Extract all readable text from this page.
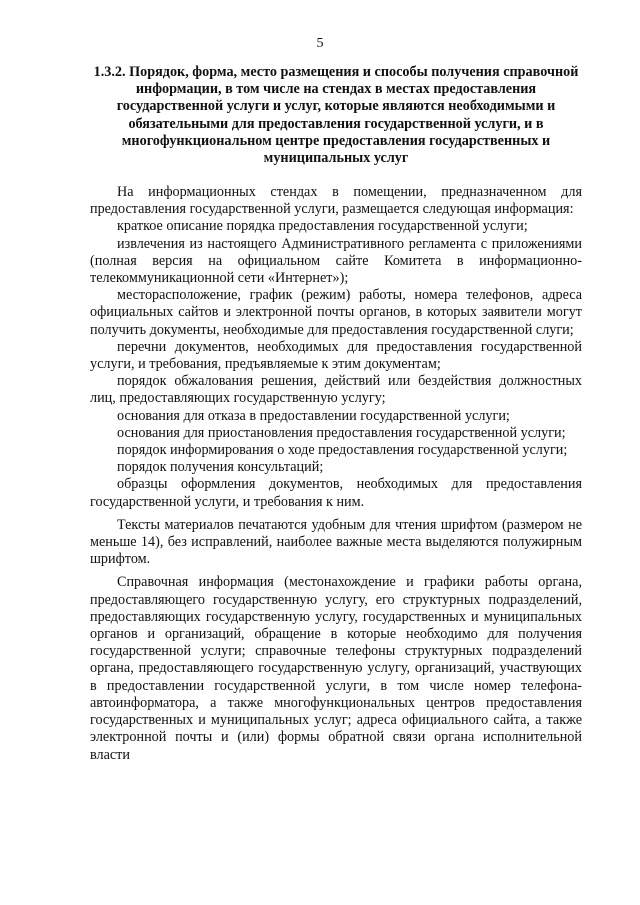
5
1.3.2. Порядок, форма, место размещения и способы получения справочной информации, в том числе на стендах в местах предоставления государственной услуги и услуг, которые являются необходимыми и обязательными для предоставления государственной услуги, и в многофункциональном центре предоставления государственных и муниципальных услуг

На информационных стендах в помещении, предназначенном для предоставления государственной услуги, размещается следующая информация:

краткое описание порядка предоставления государственной услуги;

извлечения из настоящего Административного регламента с приложениями (полная версия на официальном сайте Комитета в информационно-телекоммуникационной сети «Интернет»);

месторасположение, график (режим) работы, номера телефонов, адреса официальных сайтов и электронной почты органов, в которых заявители могут получить документы, необходимые для предоставления государственной слуги;

перечни документов, необходимых для предоставления государственной услуги, и требования, предъявляемые к этим документам;

порядок обжалования решения, действий или бездействия должностных лиц, предоставляющих государственную услугу;

основания для отказа в предоставлении государственной услуги;

основания для приостановления предоставления государственной услуги;

порядок информирования о ходе предоставления государственной услуги;

порядок получения консультаций;

образцы оформления документов, необходимых для предоставления государственной услуги, и требования к ним.

Тексты материалов печатаются удобным для чтения шрифтом (размером не меньше 14), без исправлений, наиболее важные места выделяются полужирным шрифтом.

Справочная информация (местонахождение и графики работы органа, предоставляющего государственную услугу, его структурных подразделений, предоставляющих государственную услугу, государственных и муниципальных органов и организаций, обращение в которые необходимо для получения государственной услуги; справочные телефоны структурных подразделений органа, предоставляющего государственную услугу, организаций, участвующих в предоставлении государственной услуги, в том числе номер телефона-автоинформатора, а также многофункциональных центров предоставления государственных и муниципальных услуг; адреса официального сайта, а также электронной почты и (или) формы обратной связи органа исполнительной власти
